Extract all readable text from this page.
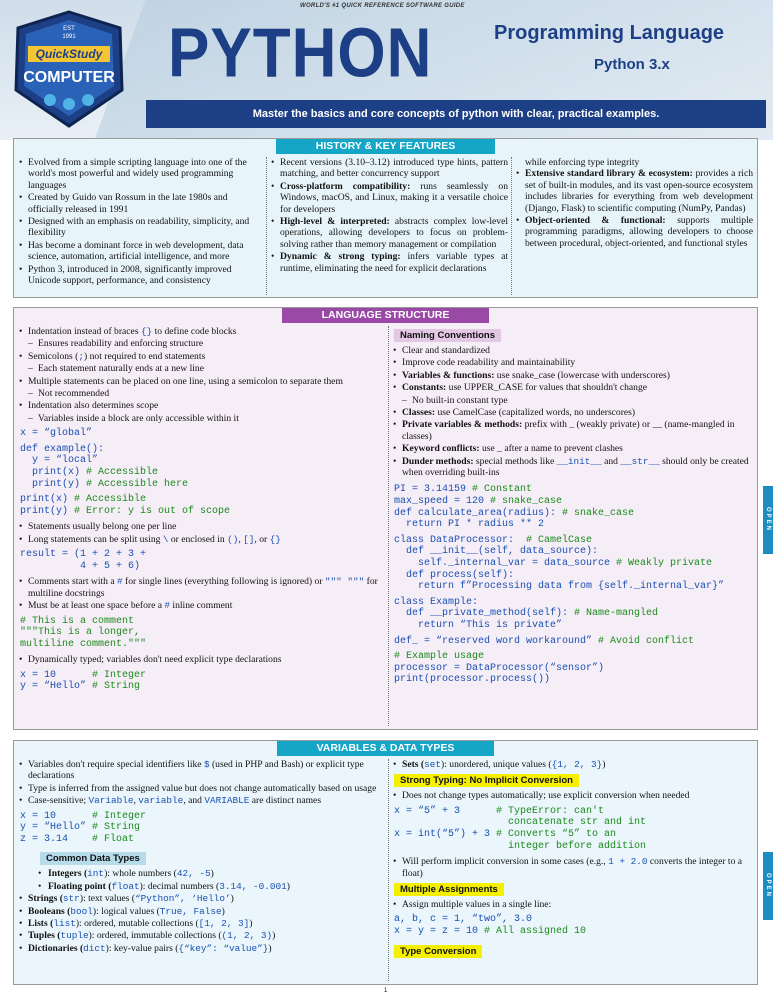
WORLD'S #1 QUICK REFERENCE SOFTWARE GUIDE
QuickStudy
COMPUTER
EST
1991 PYTHON	Programming Language
Python 3.x
Master the basics and core concepts of python with clear, practical examples.
HISTORY & KEY FEATURES
• Evolved from a simple scripting language into one of the world's most powerful and widely used programming languages
• Created by Guido van Rossum in the late 1980s and officially released in 1991
• Designed with an emphasis on readability, simplicity, and flexibility
• Has become a dominant force in web development, data science, automation, artificial intelligence, and more
• Python 3, introduced in 2008, significantly improved Unicode support, performance, and consistency
• Recent versions (3.10–3.12) introduced type hints, pattern matching, and better concurrency support
• Cross-platform compatibility: runs seamlessly on Windows, macOS, and Linux, making it a versatile choice for developers
• High-level & interpreted: abstracts complex low-level operations, allowing developers to focus on problem-solving rather than memory management or compilation
• Dynamic & strong typing: infers variable types at runtime, eliminating the need for explicit declarations
while enforcing type integrity
• Extensive standard library & ecosystem: provides a rich set of built-in modules, and its vast open-source ecosystem includes libraries for everything from web development (Django, Flask) to scientific computing (NumPy, Pandas)
• Object-oriented & functional: supports multiple programming paradigms, allowing developers to choose between procedural, object-oriented, and functional styles
LANGUAGE STRUCTURE
• Indentation instead of braces {} to define code blocks
– Ensures readability and enforcing structure
• Semicolons (;) not required to end statements
– Each statement naturally ends at a new line
• Multiple statements can be placed on one line, using a semicolon to separate them
– Not recommended
• Indentation also determines scope
– Variables inside a block are only accessible within it
x = “global”
def example():
y = “local”
print(x) # Accessible
print(y) # Accessible here
print(x) # Accessible
print(y) # Error: y is out of scope
• Statements usually belong one per line
• Long statements can be split using \ or enclosed in (), [], or {}
result = (1 + 2 + 3 +
4 + 5 + 6)
• Comments start with a # for single lines (everything following is ignored) or """ """ for multiline docstrings
• Must be at least one space before a # inline comment
# This is a comment
"""This is a longer,
multiline comment."""
• Dynamically typed; variables don't need explicit type declarations
x = 10      # Integer
y = “Hello” # String
Naming Conventions
• Clear and standardized
• Improve code readability and maintainability
• Variables & functions: use snake_case (lowercase with underscores)
• Constants: use UPPER_CASE for values that shouldn't change
– No built-in constant type
• Classes: use CamelCase (capitalized words, no underscores)
• Private variables & methods: prefix with _ (weakly private) or __ (name-mangled in classes)
• Keyword conflicts: use _ after a name to prevent clashes
• Dunder methods: special methods like __init__ and __str__ should only be created when overriding built-ins
PI = 3.14159 # Constant
max_speed = 120 # snake_case
def calculate_area(radius): # snake_case
return PI * radius ** 2
class DataProcessor:  # CamelCase
def __init__(self, data_source):
self._internal_var = data_source # Weakly private
def process(self):
return f”Processing data from {self._internal_var}”
class Example:
def __private_method(self): # Name-mangled
return “This is private”
def_ = “reserved word workaround” # Avoid conflict
# Example usage
processor = DataProcessor(“sensor”)
print(processor.process())
VARIABLES & DATA TYPES
• Variables don't require special identifiers like $ (used in PHP and Bash) or explicit type declarations
• Type is inferred from the assigned value but does not change automatically based on usage
• Case-sensitive; Variable, variable, and VARIABLE are distinct names
x = 10      # Integer
y = “Hello” # String
z = 3.14    # Float
Common Data Types
• Integers (int): whole numbers (42, -5)
• Floating point (float): decimal numbers (3.14, -0.001)
• Strings (str): text values (“Python”, ‘Hello’)
• Booleans (bool): logical values (True, False)
• Lists (list): ordered, mutable collections ([1, 2, 3])
• Tuples (tuple): ordered, immutable collections ((1, 2, 3))
• Dictionaries (dict): key-value pairs ({“key”: “value”})
• Sets (set): unordered, unique values ({1, 2, 3})
Strong Typing: No Implicit Conversion
• Does not change types automatically; use explicit conversion when needed
x = “5” + 3      # TypeError: can't
concatenate str and int
x = int(“5”) + 3 # Converts “5” to an
integer before addition
• Will perform implicit conversion in some cases (e.g., 1 + 2.0 converts the integer to a float)
Multiple Assignments
• Assign multiple values in a single line:
a, b, c = 1, “two”, 3.0
x = y = z = 10 # All assigned 10
Type Conversion
OPEN
OPEN
1
